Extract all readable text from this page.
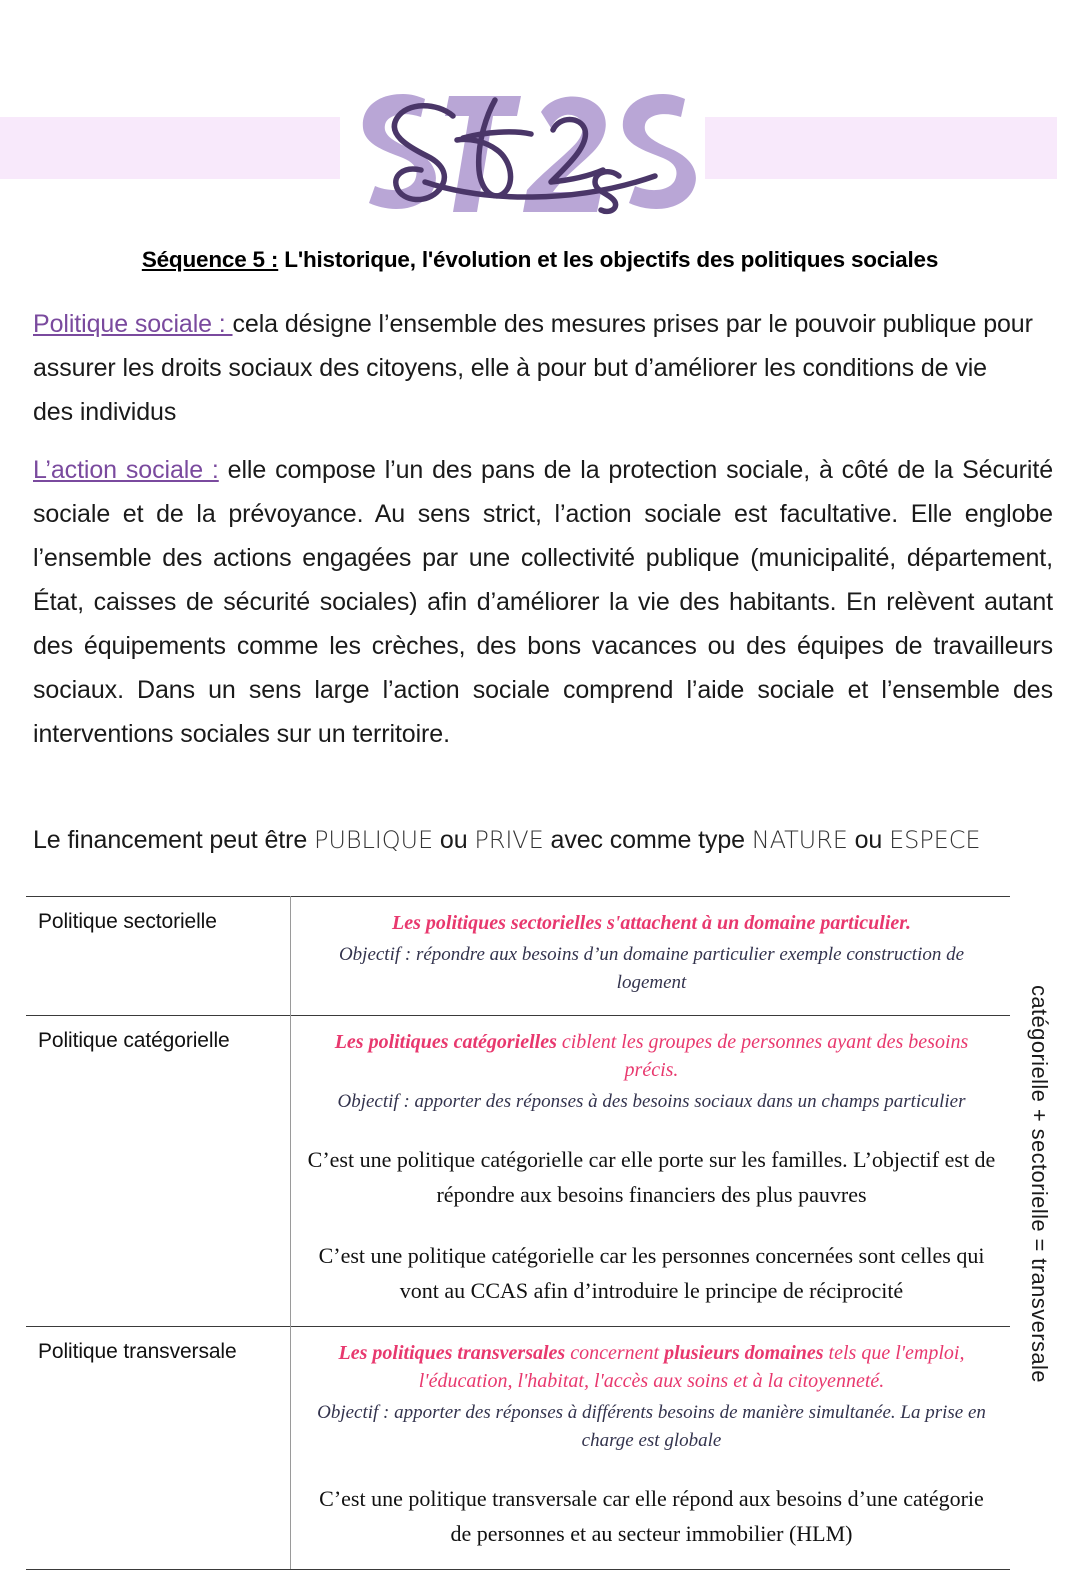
Séquence 5 : L'historique, l'évolution et les objectifs des politiques sociales
Politique sociale : cela désigne l’ensemble des mesures prises par le pouvoir publique pour assurer les droits sociaux des citoyens, elle à pour but d’améliorer les conditions de vie des individus
L’action sociale : elle compose l’un des pans de la protection sociale, à côté de la Sécurité sociale et de la prévoyance. Au sens strict, l’action sociale est facultative. Elle englobe l’ensemble des actions engagées par une collectivité publique (municipalité, département, État, caisses de sécurité sociales) afin d’améliorer la vie des habitants. En relèvent autant des équipements comme les crèches, des bons vacances ou des équipes de travailleurs sociaux. Dans un sens large l’action sociale comprend l’aide sociale et l’ensemble des interventions sociales sur un territoire.
Le financement peut être PUBLIQUE ou PRIVE avec comme type NATURE ou ESPECE
Politique sectorielle	Les politiques sectorielles s'attachent à un domaine particulier.

Objectif : répondre aux besoins d’un domaine particulier exemple construction de logement

Politique catégorielle	Les politiques catégorielles ciblent les groupes de personnes ayant des besoins précis.

Objectif : apporter des réponses à des besoins sociaux dans un champs particulier

C’est une politique catégorielle car elle porte sur les familles. L’objectif est de répondre aux besoins financiers des plus pauvres

C’est une politique catégorielle car les personnes concernées sont celles qui vont au CCAS afin d’introduire le principe de réciprocité

Politique transversale	Les politiques transversales concernent plusieurs domaines tels que l'emploi, l'éducation, l'habitat, l'accès aux soins et à la citoyenneté.

Objectif : apporter des réponses à différents besoins de manière simultanée. La prise en charge est globale

C’est une politique transversale car elle répond aux besoins d’une catégorie de personnes et au secteur immobilier (HLM)

catégorielle + sectorielle = transversale
